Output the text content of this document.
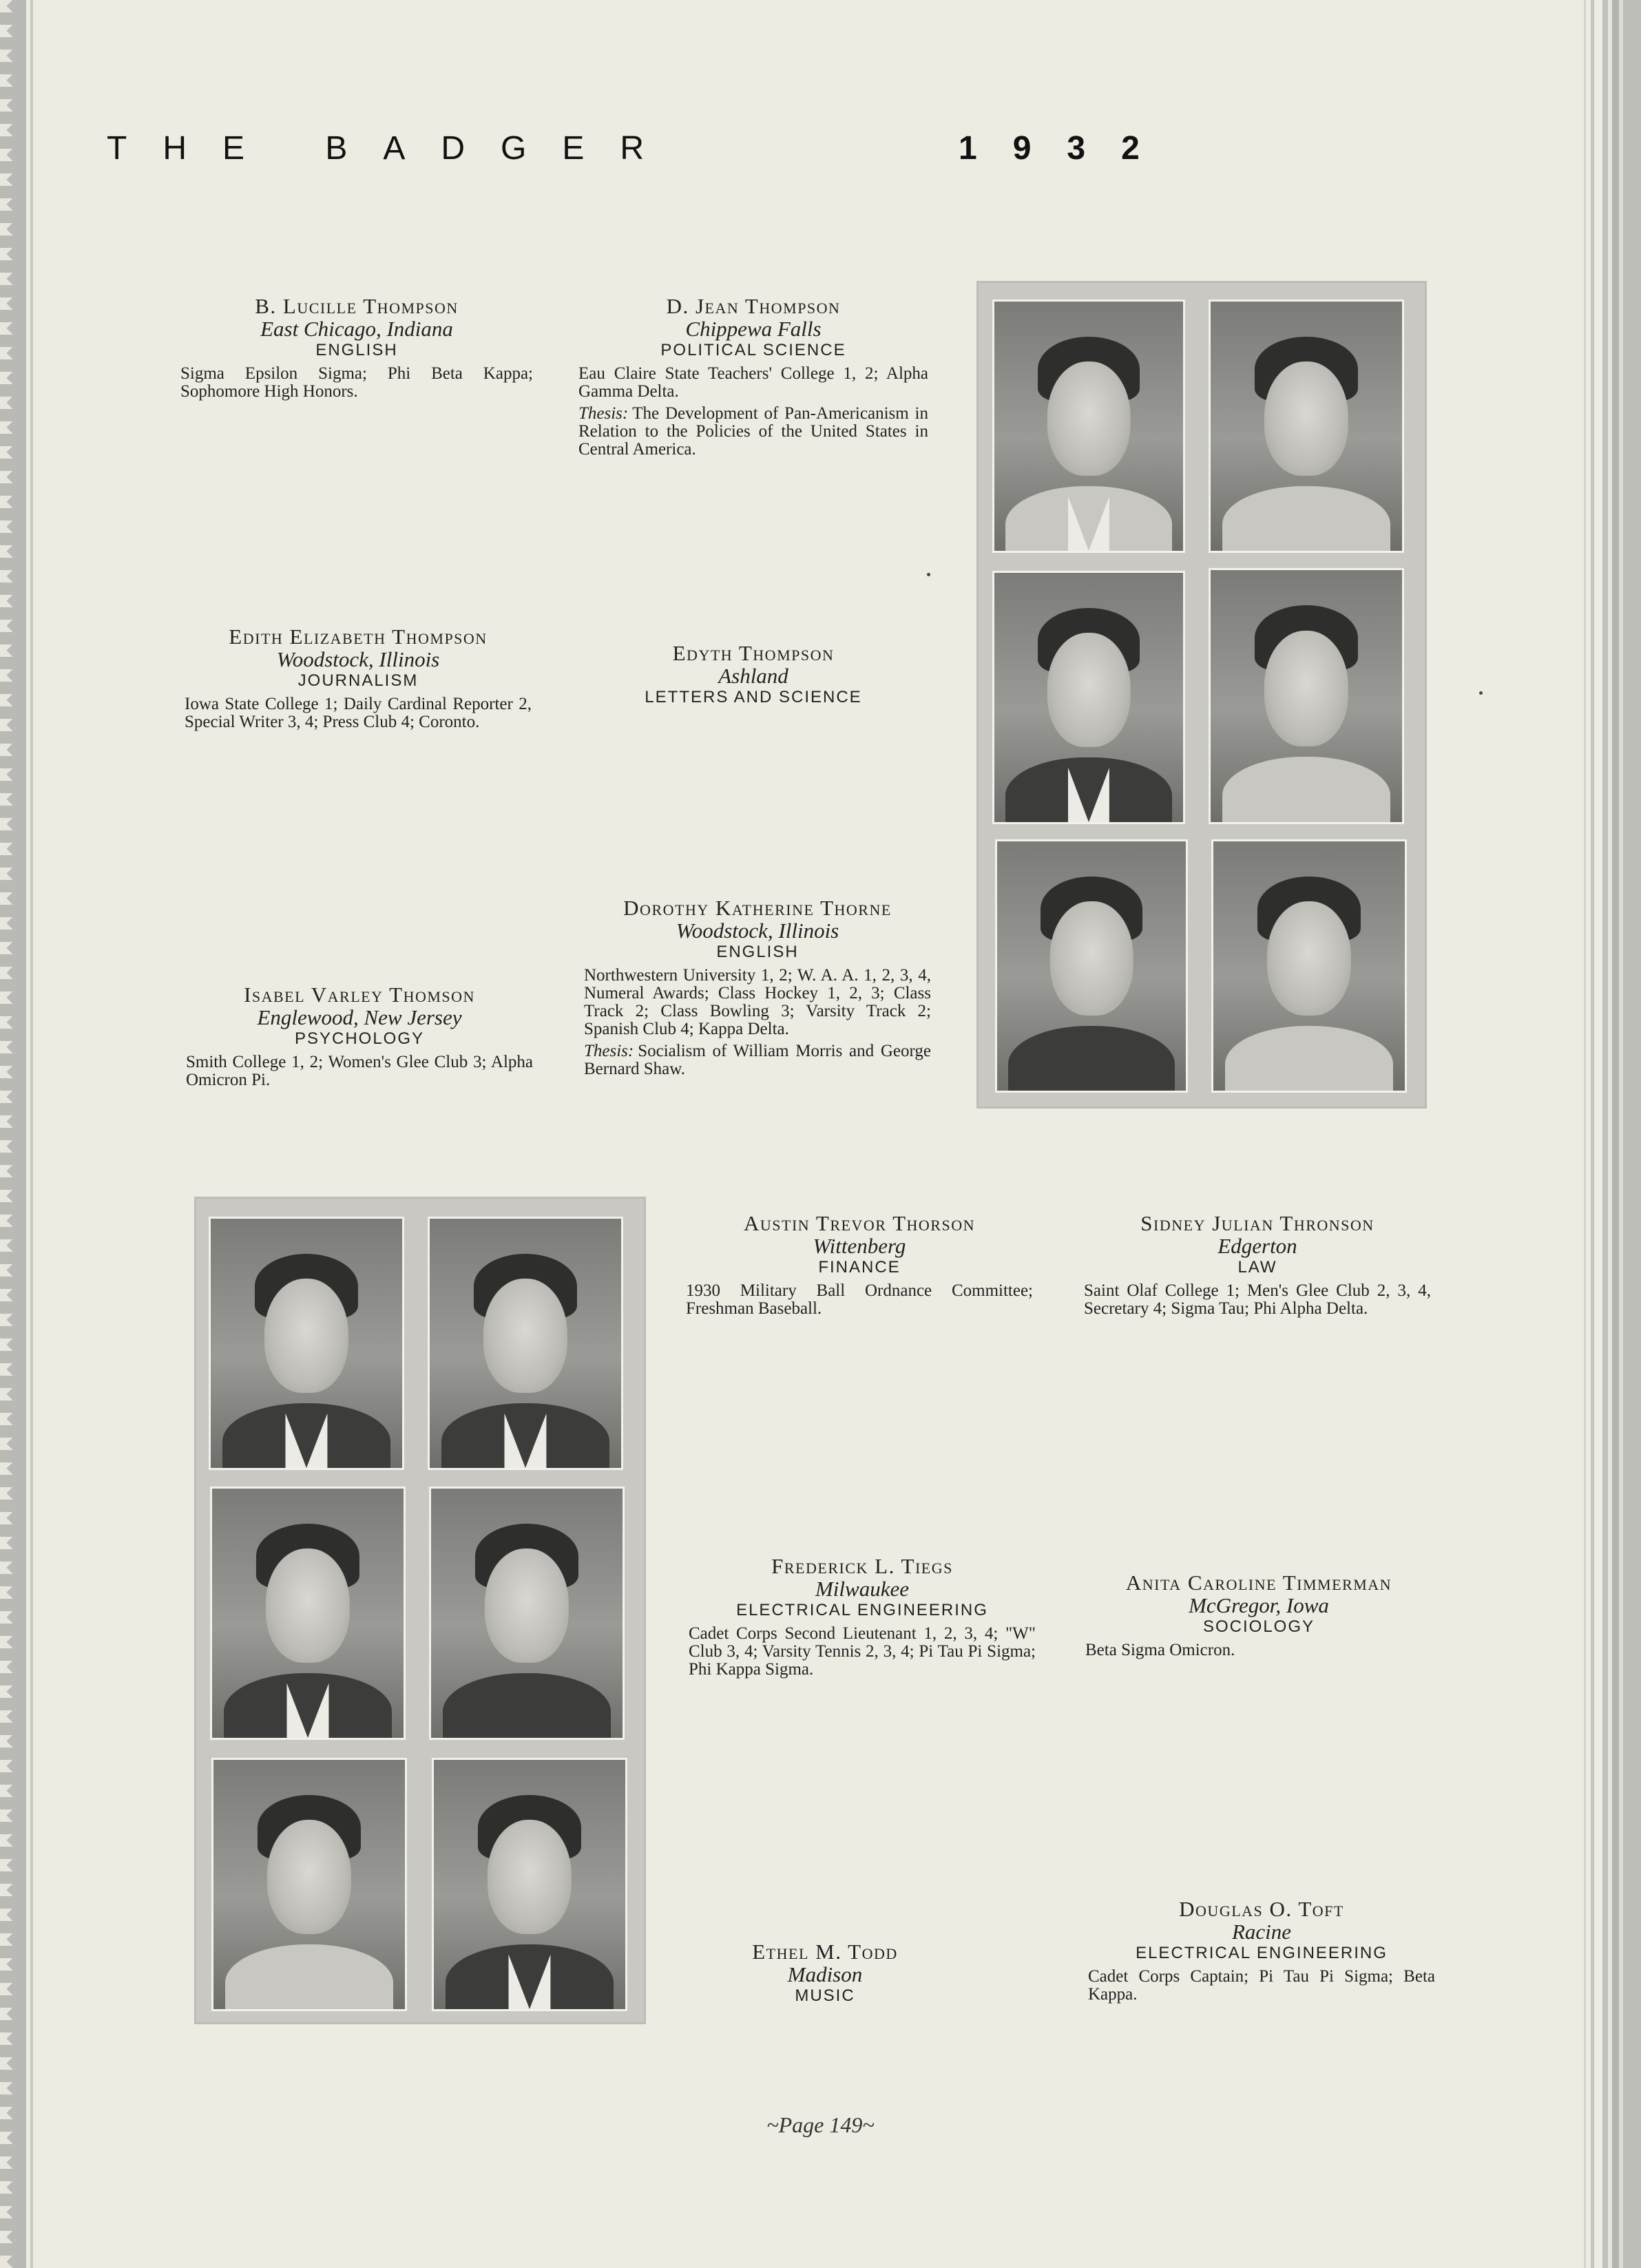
THE BADGER	1932
B. Lucille Thompson
East Chicago, Indiana
ENGLISH
Sigma Epsilon Sigma; Phi Beta Kappa; Sophomore High Honors.
D. Jean Thompson
Chippewa Falls
POLITICAL SCIENCE
Eau Claire State Teachers' College 1, 2; Alpha Gamma Delta.
Thesis: The Development of Pan-Americanism in Relation to the Policies of the United States in Central America.
Edith Elizabeth Thompson
Woodstock, Illinois
JOURNALISM
Iowa State College 1; Daily Cardinal Reporter 2, Special Writer 3, 4; Press Club 4; Coronto.
Edyth Thompson
Ashland
LETTERS AND SCIENCE
Isabel Varley Thomson
Englewood, New Jersey
PSYCHOLOGY
Smith College 1, 2; Women's Glee Club 3; Alpha Omicron Pi.
Dorothy Katherine Thorne
Woodstock, Illinois
ENGLISH
Northwestern University 1, 2; W. A. A. 1, 2, 3, 4, Numeral Awards; Class Hockey 1, 2, 3; Class Track 2; Class Bowling 3; Varsity Track 2; Spanish Club 4; Kappa Delta.
Thesis: Socialism of William Morris and George Bernard Shaw.
Austin Trevor Thorson
Wittenberg
FINANCE
1930 Military Ball Ordnance Committee; Freshman Baseball.
Sidney Julian Thronson
Edgerton
LAW
Saint Olaf College 1; Men's Glee Club 2, 3, 4, Secretary 4; Sigma Tau; Phi Alpha Delta.
Frederick L. Tiegs
Milwaukee
ELECTRICAL ENGINEERING
Cadet Corps Second Lieutenant 1, 2, 3, 4; "W" Club 3, 4; Varsity Tennis 2, 3, 4; Pi Tau Pi Sigma; Phi Kappa Sigma.
Anita Caroline Timmerman
McGregor, Iowa
SOCIOLOGY
Beta Sigma Omicron.
Ethel M. Todd
Madison
MUSIC
Douglas O. Toft
Racine
ELECTRICAL ENGINEERING
Cadet Corps Captain; Pi Tau Pi Sigma; Beta Kappa.
~Page 149~
